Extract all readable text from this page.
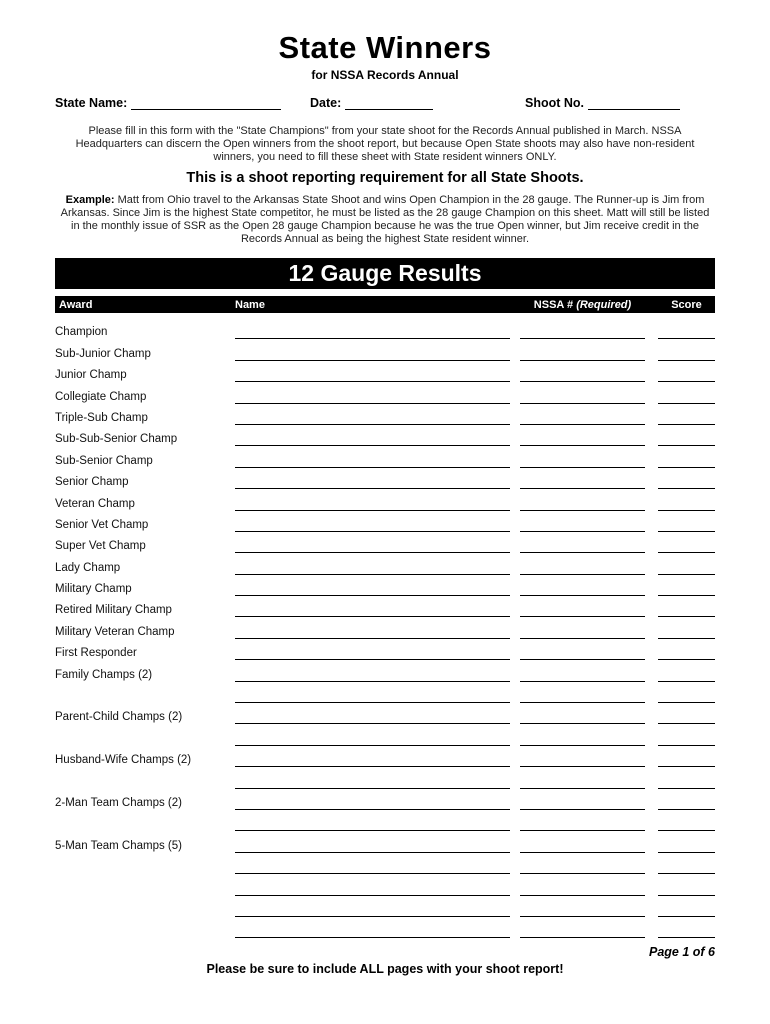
State Winners
for NSSA Records Annual
State Name:	Date:	Shoot No.

Please fill in this form with the "State Champions" from your state shoot for the Records Annual published in March. NSSA Headquarters can discern the Open winners from the shoot report, but because Open State shoots may also have non-resident winners, you need to fill these sheet with State resident winners ONLY.

This is a shoot reporting requirement for all State Shoots.

Example: Matt from Ohio travel to the Arkansas State Shoot and wins Open Champion in the 28 gauge. The Runner-up is Jim from Arkansas. Since Jim is the highest State competitor, he must be listed as the 28 gauge Champion on this sheet. Matt will still be listed in the monthly issue of SSR as the Open 28 gauge Champion because he was the true Open winner, but Jim receive credit in the Records Annual as being the highest State resident winner.

12 Gauge Results
Award	Name	NSSA # (Required)	Score
Champion
Sub-Junior Champ
Junior Champ
Collegiate Champ
Triple-Sub Champ
Sub-Sub-Senior Champ
Sub-Senior Champ
Senior Champ
Veteran Champ
Senior Vet Champ
Super Vet Champ
Lady Champ
Military Champ
Retired Military Champ
Military Veteran Champ
First Responder
Family Champs (2)
Parent-Child Champs (2)
Husband-Wife Champs (2)
2-Man Team Champs (2)
5-Man Team Champs (5)
Page 1 of 6
Please be sure to include ALL pages with your shoot report!
